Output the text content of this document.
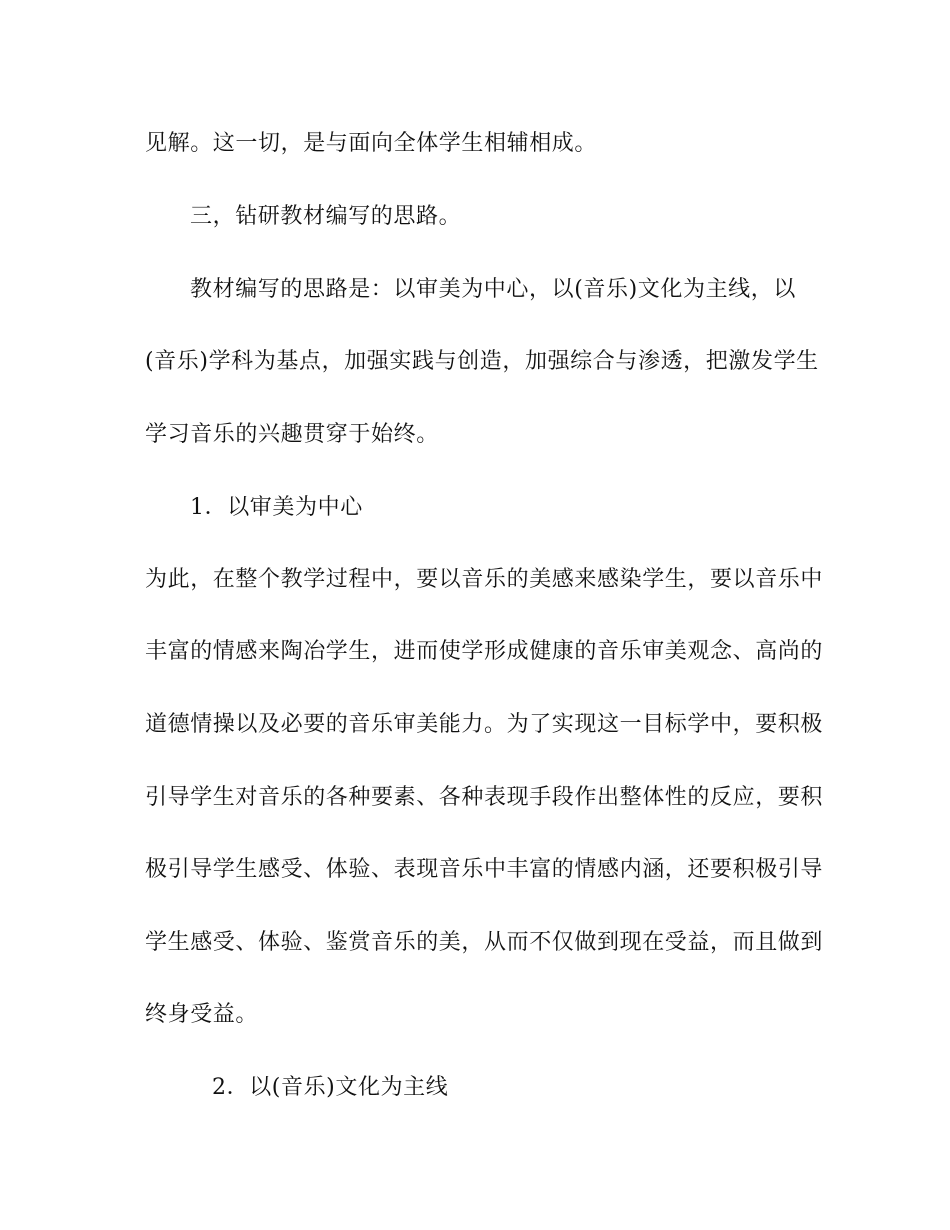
见解。这一切，是与面向全体学生相辅相成。
三，钻研教材编写的思路。
教材编写的思路是：以审美为中心，以(音乐)文化为主线，以
(音乐)学科为基点，加强实践与创造，加强综合与渗透，把激发学生
学习音乐的兴趣贯穿于始终。
1．以审美为中心
为此，在整个教学过程中，要以音乐的美感来感染学生，要以音乐中
丰富的情感来陶冶学生，进而使学形成健康的音乐审美观念、高尚的
道德情操以及必要的音乐审美能力。为了实现这一目标学中，要积极
引导学生对音乐的各种要素、各种表现手段作出整体性的反应，要积
极引导学生感受、体验、表现音乐中丰富的情感内涵，还要积极引导
学生感受、体验、鉴赏音乐的美，从而不仅做到现在受益，而且做到
终身受益。
2．以(音乐)文化为主线
